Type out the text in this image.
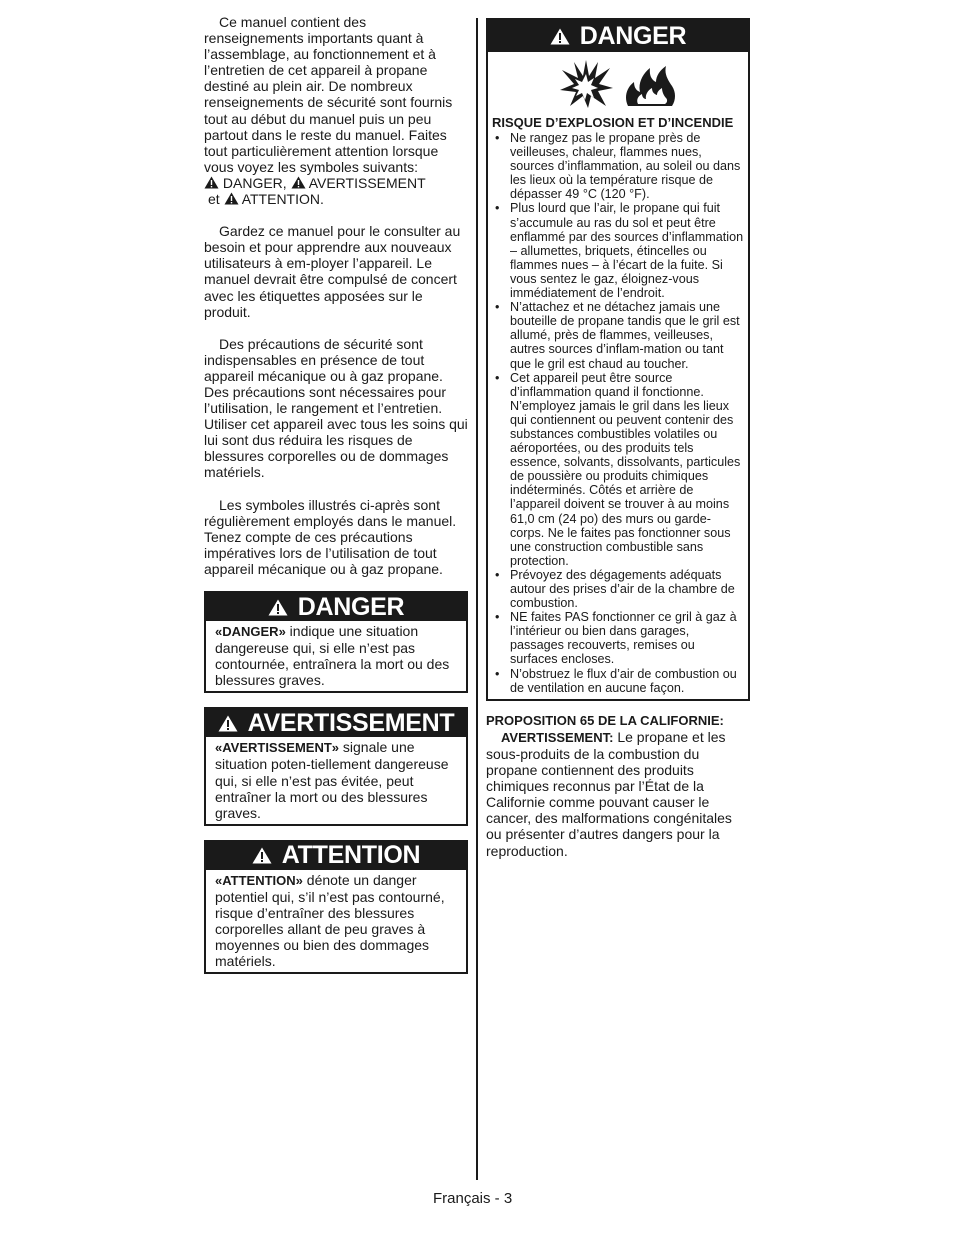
Ce manuel contient des renseignements importants quant à l’assemblage, au fonctionnement et à l’entretien de cet appareil à propane destiné au plein air. De nombreux renseignements de sécurité sont fournis tout au début du manuel puis un peu partout dans le reste du manuel. Faites tout particulièrement attention lorsque vous voyez les symboles suivants:
DANGER, AVERTISSEMENT
et ATTENTION.

Gardez ce manuel pour le consulter au besoin et pour apprendre aux nouveaux utilisateurs à em-ployer l’appareil. Le manuel devrait être compulsé de concert avec les étiquettes apposées sur le produit.

Des précautions de sécurité sont indispensables en présence de tout appareil mécanique ou à gaz propane. Des précautions sont nécessaires pour l’utilisation, le rangement et l’entretien. Utiliser cet appareil avec tous les soins qui lui sont dus réduira les risques de blessures corporelles ou de dommages matériels.

Les symboles illustrés ci-après sont régulièrement employés dans le manuel. Tenez compte de ces précautions impératives lors de l’utilisation de tout appareil mécanique ou à gaz propane.

DANGER
«DANGER» indique une situation dangereuse qui, si elle n’est pas contournée, entraînera la mort ou des blessures graves.
AVERTISSEMENT
«AVERTISSEMENT» signale une situation poten-tiellement dangereuse qui, si elle n’est pas évitée, peut entraîner la mort ou des blessures graves.
ATTENTION
«ATTENTION» dénote un danger potentiel qui, s’il n’est pas contourné, risque d’entraîner des blessures corporelles allant de peu graves à moyennes ou bien des dommages matériels.
DANGER
RISQUE D’EXPLOSION ET D’INCENDIE
• Ne rangez pas le propane près de veilleuses, chaleur, flammes nues, sources d’inflammation, au soleil ou dans les lieux où la température risque de dépasser 49 °C (120 °F).
• Plus lourd que l’air, le propane qui fuit s’accumule au ras du sol et peut être enflammé par des sources d’inflammation – allumettes, briquets, étincelles ou flammes nues – à l’écart de la fuite. Si vous sentez le gaz, éloignez-vous immédiatement de l’endroit.
• N’attachez et ne détachez jamais une bouteille de propane tandis que le gril est allumé, près de flammes, veilleuses, autres sources d’inflam-mation ou tant que le gril est chaud au toucher.
• Cet appareil peut être source d’inflammation quand il fonctionne. N’employez jamais le gril dans les lieux qui contiennent ou peuvent contenir des substances combustibles volatiles ou aéroportées, ou des produits tels essence, solvants, dissolvants, particules de poussière ou produits chimiques indéterminés. Côtés et arrière de l’appareil doivent se trouver à au moins 61,0 cm (24 po) des murs ou garde-corps. Ne le faites pas fonctionner sous une construction combustible sans protection.
• Prévoyez des dégagements adéquats autour des prises d’air de la chambre de combustion.
• NE faites PAS fonctionner ce gril à gaz à l’intérieur ou bien dans garages, passages recouverts, remises ou surfaces encloses.
• N’obstruez le flux d’air de combustion ou de ventilation en aucune façon.
PROPOSITION 65 DE LA CALIFORNIE:
AVERTISSEMENT: Le propane et les sous-produits de la combustion du propane contiennent des produits chimiques reconnus par l’État de la Californie comme pouvant causer le cancer, des malformations congénitales ou présenter d’autres dangers pour la reproduction.
Français - 3
